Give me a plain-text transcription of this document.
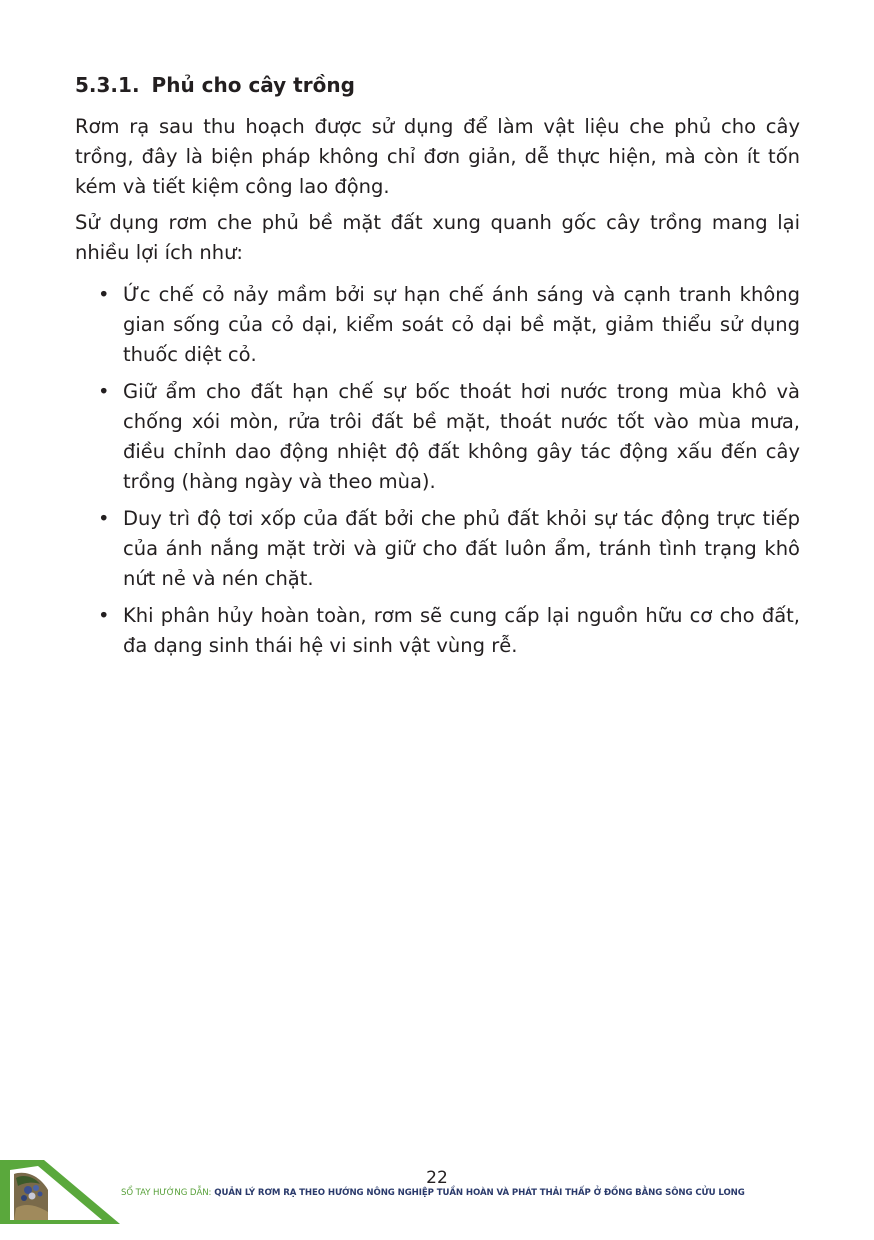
5.3.1. Phủ cho cây trồng

Rơm rạ sau thu hoạch được sử dụng để làm vật liệu che phủ cho cây trồng, đây là biện pháp không chỉ đơn giản, dễ thực hiện, mà còn ít tốn kém và tiết kiệm công lao động.

Sử dụng rơm che phủ bề mặt đất xung quanh gốc cây trồng mang lại nhiều lợi ích như:

• Ức chế cỏ nảy mầm bởi sự hạn chế ánh sáng và cạnh tranh không gian sống của cỏ dại, kiểm soát cỏ dại bề mặt, giảm thiểu sử dụng thuốc diệt cỏ.
• Giữ ẩm cho đất hạn chế sự bốc thoát hơi nước trong mùa khô và chống xói mòn, rửa trôi đất bề mặt, thoát nước tốt vào mùa mưa, điều chỉnh dao động nhiệt độ đất không gây tác động xấu đến cây trồng (hàng ngày và theo mùa).
• Duy trì độ tơi xốp của đất bởi che phủ đất khỏi sự tác động trực tiếp của ánh nắng mặt trời và giữ cho đất luôn ẩm, tránh tình trạng khô nứt nẻ và nén chặt.
• Khi phân hủy hoàn toàn, rơm sẽ cung cấp lại nguồn hữu cơ cho đất, đa dạng sinh thái hệ vi sinh vật vùng rễ.
22
SỔ TAY HƯỚNG DẪN: QUẢN LÝ RƠM RẠ THEO HƯỚNG NÔNG NGHIỆP TUẦN HOÀN VÀ PHÁT THẢI THẤP Ở ĐỒNG BẰNG SÔNG CỬU LONG
